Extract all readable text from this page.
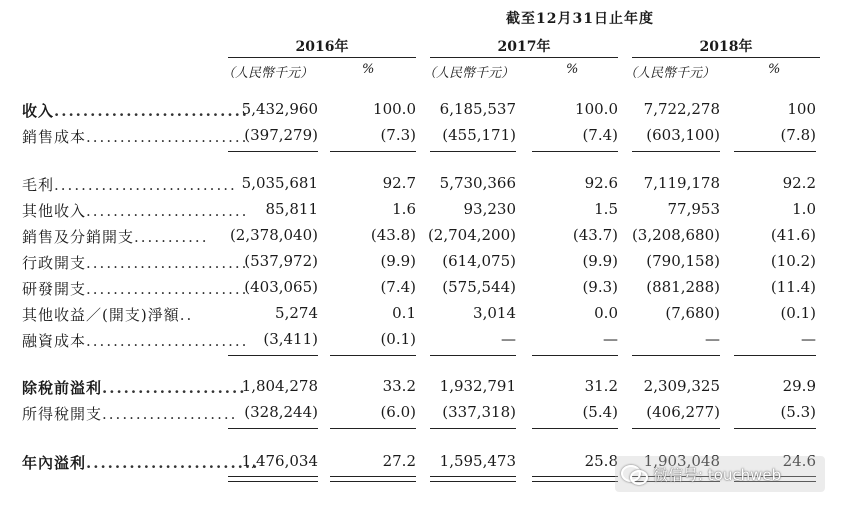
截至12月31日止年度
2016年	2017年	2018年
（人民幣千元）	%	（人民幣千元）	%	（人民幣千元）	%
收入...........................
5,432,960	100.0	6,185,537	100.0	7,722,278	100
銷售成本........................
(397,279)	(7.3)	(455,171)	(7.4)	(603,100)	(7.8)
毛利........................... 5,035,681	92.7	5,730,366	92.6	7,119,178	92.2
其他收入........................	85,811	1.6	93,230	1.5	77,953	1.0
銷售及分銷開支...........	(2,378,040)	(43.8) (2,704,200)	(43.7) (3,208,680)	(41.6)
行政開支........................
(537,972)	(9.9)	(614,075)	(9.9)	(790,158)	(10.2)
研發開支........................
(403,065)	(7.4)	(575,544)	(9.3)	(881,288)	(11.4)
其他收益／(開支)淨額..	5,274	0.1	3,014	0.0	(7,680)	(0.1)
融資成本........................ (3,411)	(0.1)	—	—	—	—
除稅前溢利....................
1,804,278	33.2	1,932,791	31.2	2,309,325	29.9
所得稅開支.................... (328,244)	(6.0)	(337,318)	(5.4)	(406,277)	(5.3)
年內溢利........................
1,476,034	27.2	1,595,473	25.8	1,903,048	24.6
微信号: touchweb
